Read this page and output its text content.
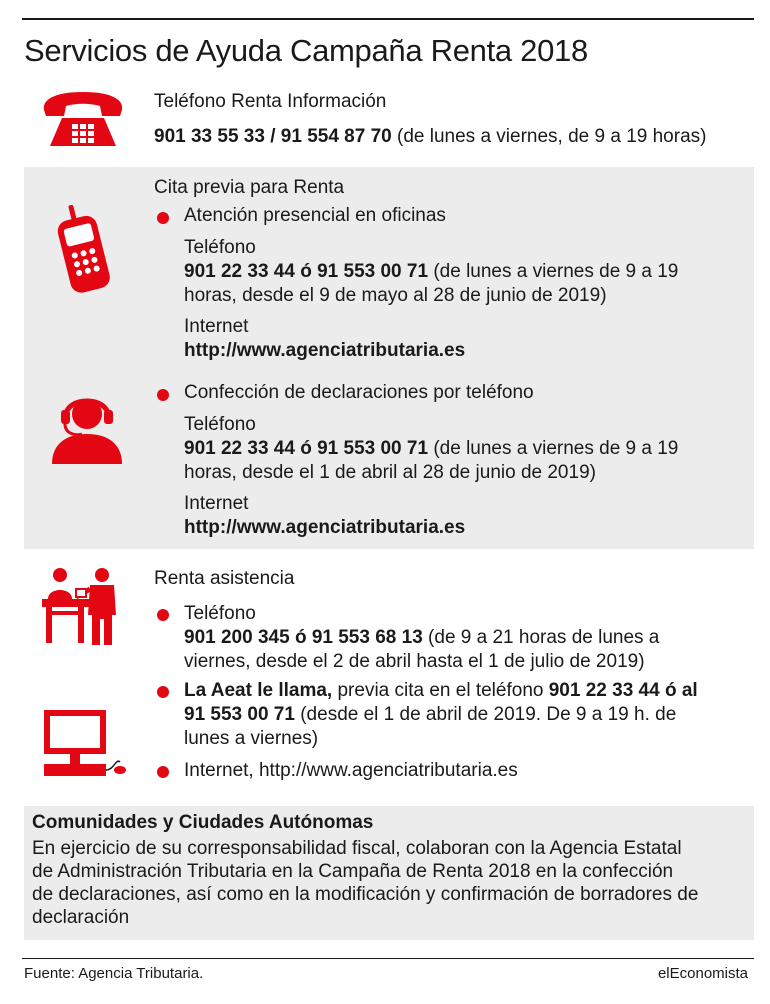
Servicios de Ayuda Campaña Renta 2018
Teléfono Renta Información
901 33 55 33 / 91 554 87 70 (de lunes a viernes, de 9 a 19 horas)
Cita previa para Renta
Atención presencial en oficinas
Teléfono
901 22 33 44 ó 91 553 00 71 (de lunes a viernes de 9 a 19
horas, desde el 9 de mayo al 28 de junio de 2019)
Internet
http://www.agenciatributaria.es
Confección de declaraciones por teléfono
Teléfono
901 22 33 44 ó 91 553 00 71 (de lunes a viernes de 9 a 19
horas, desde el 1 de abril al 28 de junio de 2019)
Internet
http://www.agenciatributaria.es
Renta asistencia
Teléfono
901 200 345 ó 91 553 68 13 (de 9 a 21 horas de lunes a
viernes, desde el 2 de abril hasta el 1 de julio de 2019)
La Aeat le llama, previa cita en el teléfono 901 22 33 44 ó al
91 553 00 71 (desde el 1 de abril de 2019. De 9 a 19 h. de
lunes a viernes)
Internet, http://www.agenciatributaria.es
Comunidades y Ciudades Autónomas
En ejercicio de su corresponsabilidad fiscal, colaboran con la Agencia Estatal
de Administración Tributaria en la Campaña de Renta 2018 en la confección
de declaraciones, así como en la modificación y confirmación de borradores de
declaración
Fuente: Agencia Tributaria.	elEconomista
